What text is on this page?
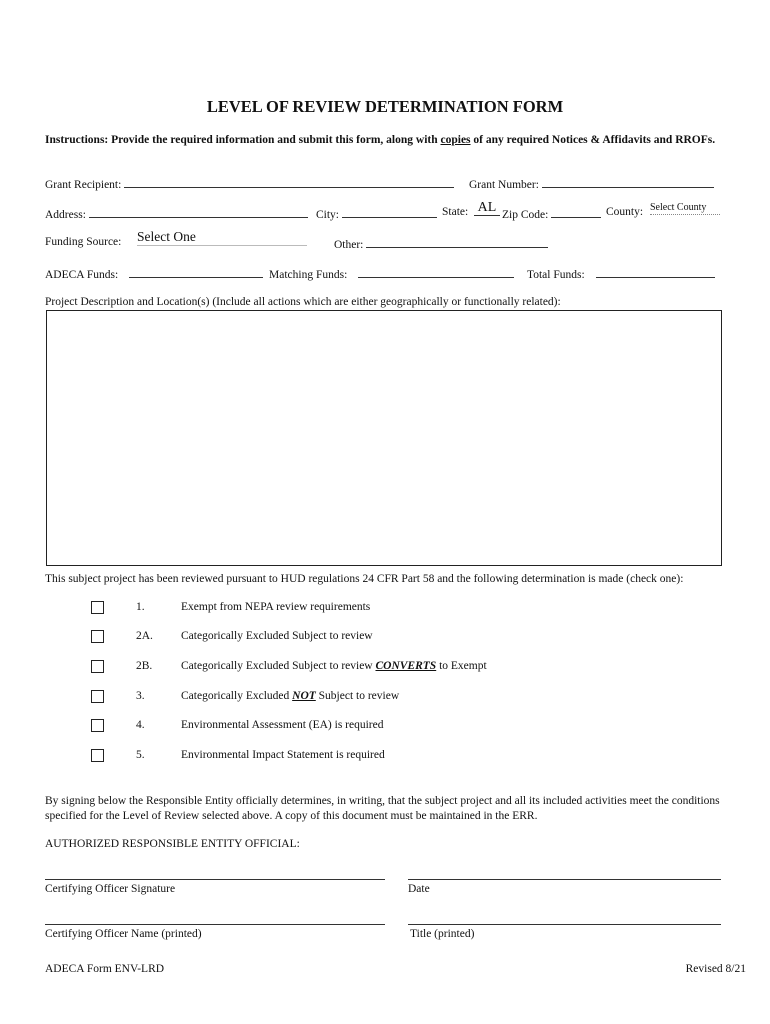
LEVEL OF REVIEW DETERMINATION FORM
Instructions: Provide the required information and submit this form, along with copies of any required Notices & Affidavits and RROFs.
Grant Recipient:	Grant Number:
Address:	City:	State: AL Zip Code:	County: Select County
Funding Source: Select One
Other:
ADECA Funds:	Matching Funds:	Total Funds:
Project Description and Location(s) (Include all actions which are either geographically or functionally related):
This subject project has been reviewed pursuant to HUD regulations 24 CFR Part 58 and the following determination is made (check one):
1.	Exempt from NEPA review requirements
2A. Categorically Excluded Subject to review
2B. Categorically Excluded Subject to review CONVERTS to Exempt
3.	Categorically Excluded NOT Subject to review
4.	Environmental Assessment (EA) is required
5.	Environmental Impact Statement is required
By signing below the Responsible Entity officially determines, in writing, that the subject project and all its included activities meet the conditions specified for the Level of Review selected above. A copy of this document must be maintained in the ERR.
AUTHORIZED RESPONSIBLE ENTITY OFFICIAL:
Certifying Officer Signature	Date
Certifying Officer Name (printed)	Title (printed)
ADECA Form ENV-LRD	Revised 8/21
